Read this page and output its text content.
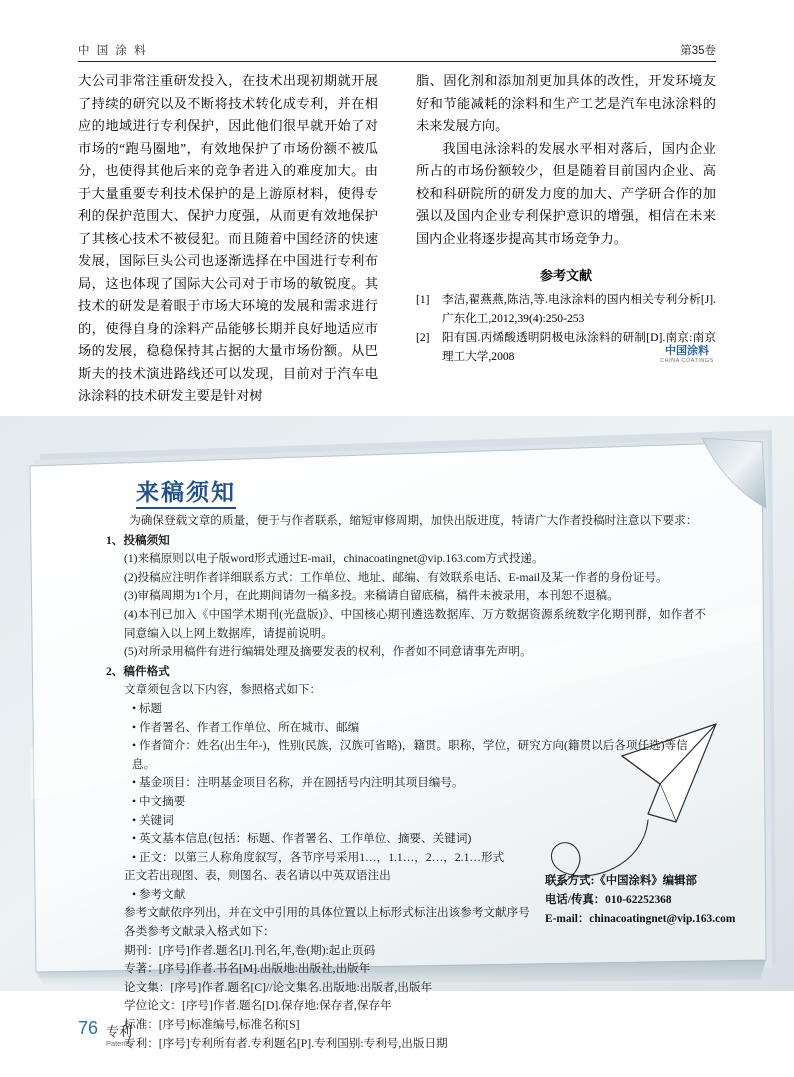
中 国 涂 料	第35卷

大公司非常注重研发投入，在技术出现初期就开展了持续的研究以及不断将技术转化成专利，并在相应的地域进行专利保护，因此他们很早就开始了对市场的“跑马圈地”，有效地保护了市场份额不被瓜分，也使得其他后来的竞争者进入的难度加大。由于大量重要专利技术保护的是上游原材料，使得专利的保护范围大、保护力度强，从而更有效地保护了其核心技术不被侵犯。而且随着中国经济的快速发展，国际巨头公司也逐渐选择在中国进行专利布局，这也体现了国际大公司对于市场的敏锐度。其技术的研发是着眼于市场大环境的发展和需求进行的，使得自身的涂料产品能够长期并良好地适应市场的发展，稳稳保持其占据的大量市场份额。从巴斯夫的技术演进路线还可以发现，目前对于汽车电泳涂料的技术研发主要是针对树

脂、固化剂和添加剂更加具体的改性，开发环境友好和节能减耗的涂料和生产工艺是汽车电泳涂料的未来发展方向。

我国电泳涂料的发展水平相对落后，国内企业所占的市场份额较少，但是随着目前国内企业、高校和科研院所的研发力度的加大、产学研合作的加强以及国内企业专利保护意识的增强，相信在未来国内企业将逐步提高其市场竞争力。

参考文献
[1] 李洁,翟燕燕,陈洁,等.电泳涂料的国内相关专利分析[J].广东化工,2012,39(4):250-253
[2] 阳有国.丙烯酸透明阴极电泳涂料的研制[D].南京:南京理工大学,2008	中国涂料
CHINA COATINGS
来稿须知
为确保登载文章的质量，便于与作者联系，缩短审修周期，加快出版进度，特请广大作者投稿时注意以下要求：
1、投稿须知
(1)来稿原则以电子版word形式通过E-mail，chinacoatingnet@vip.163.com方式投递。
(2)投稿应注明作者详细联系方式：工作单位、地址、邮编、有效联系电话、E-mail及某一作者的身份证号。
(3)审稿周期为1个月，在此期间请勿一稿多投。来稿请自留底稿，稿件未被录用，本刊恕不退稿。
(4)本刊已加入《中国学术期刊(光盘版)》、中国核心期刊遴选数据库、万方数据资源系统数字化期刊群，如作者不同意编入以上网上数据库，请提前说明。
(5)对所录用稿件有进行编辑处理及摘要发表的权利，作者如不同意请事先声明。
2、稿件格式
文章须包含以下内容，参照格式如下：
• 标题
• 作者署名、作者工作单位、所在城市、邮编
• 作者简介：姓名(出生年-)，性别(民族，汉族可省略)，籍贯。职称，学位，研究方向(籍贯以后各项任选)等信息。
• 基金项目：注明基金项目名称，并在圆括号内注明其项目编号。
• 中文摘要
• 关键词
• 英文基本信息(包括：标题、作者署名、工作单位、摘要、关键词)
• 正文：以第三人称角度叙写，各节序号采用1…，1.1…，2…，2.1…形式
正文若出现图、表，则图名、表名请以中英双语注出
• 参考文献
参考文献依序列出，并在文中引用的具体位置以上标形式标注出该参考文献序号
各类参考文献录入格式如下：
期刊：[序号]作者.题名[J].刊名,年,卷(期):起止页码
专著：[序号]作者.书名[M].出版地:出版社,出版年
论文集：[序号]作者.题名[C]//论文集名.出版地:出版者,出版年
学位论文：[序号]作者.题名[D].保存地:保存者,保存年
标准：[序号]标准编号,标准名称[S]
专利：[序号]专利所有者.专利题名[P].专利国别:专利号,出版日期
联系方式:《中国涂料》编辑部
电话/传真：010-62252368
E-mail：chinacoatingnet@vip.163.com
76 专利
Patents
